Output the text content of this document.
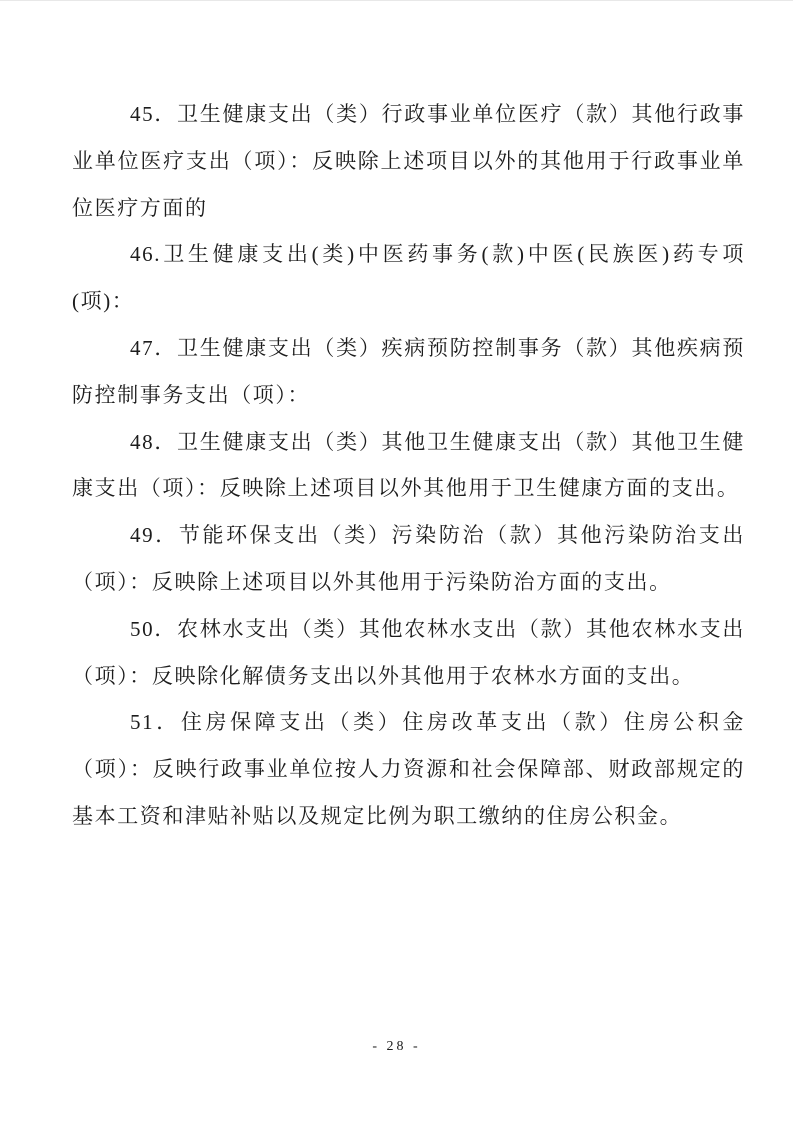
45．卫生健康支出（类）行政事业单位医疗（款）其他行政事业单位医疗支出（项）：反映除上述项目以外的其他用于行政事业单位医疗方面的

46.卫生健康支出(类)中医药事务(款)中医(民族医)药专项(项)：

47．卫生健康支出（类）疾病预防控制事务（款）其他疾病预防控制事务支出（项）：

48．卫生健康支出（类）其他卫生健康支出（款）其他卫生健康支出（项）：反映除上述项目以外其他用于卫生健康方面的支出。

49．节能环保支出（类）污染防治（款）其他污染防治支出（项）：反映除上述项目以外其他用于污染防治方面的支出。

50．农林水支出（类）其他农林水支出（款）其他农林水支出（项）：反映除化解债务支出以外其他用于农林水方面的支出。

51．住房保障支出（类）住房改革支出（款）住房公积金（项）：反映行政事业单位按人力资源和社会保障部、财政部规定的 基本工资和津贴补贴以及规定比例为职工缴纳的住房公积金。

- 28 -
